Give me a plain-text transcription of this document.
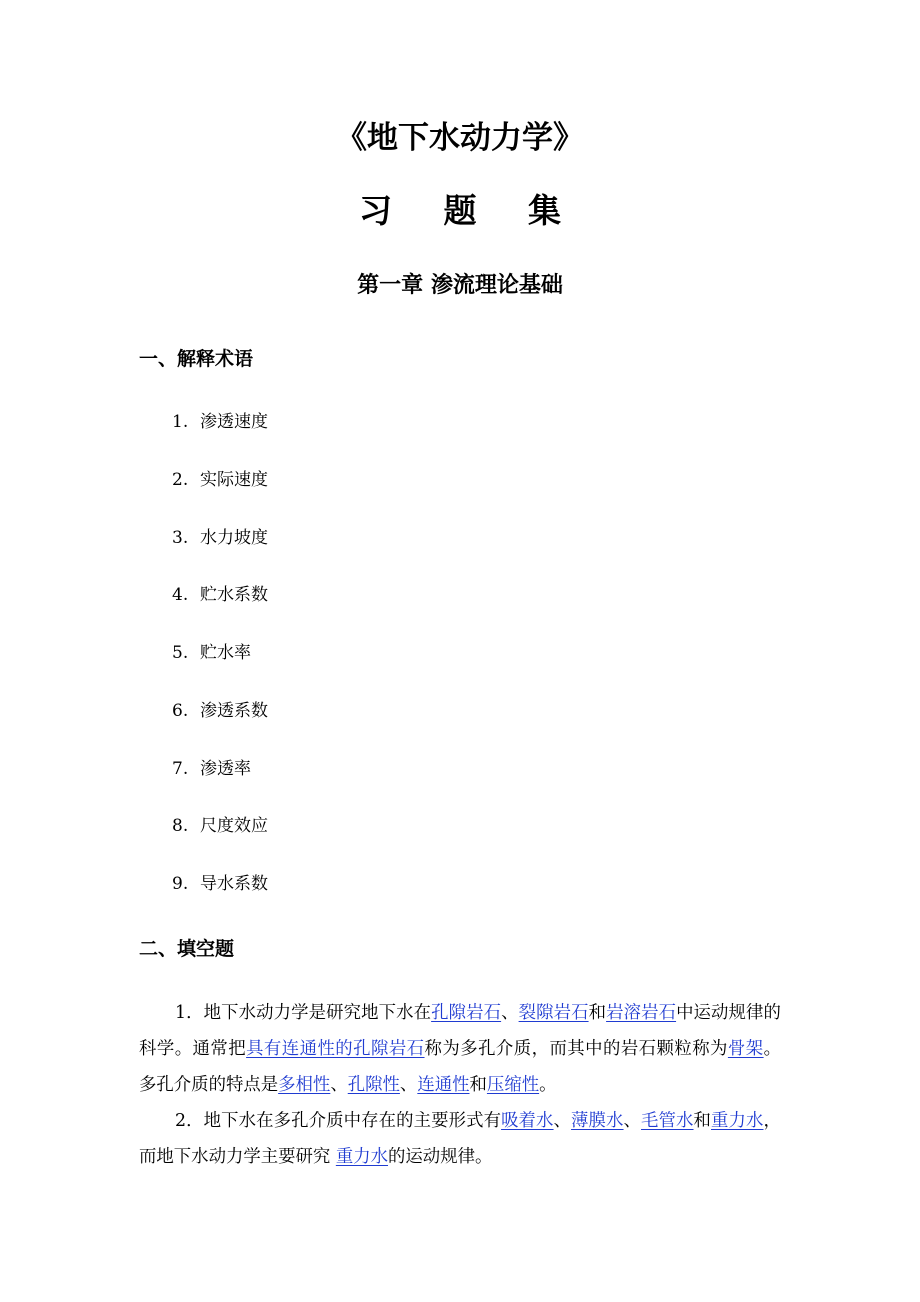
《地下水动力学》
习 题 集
第一章 渗流理论基础
一、解释术语
1. 渗透速度
2. 实际速度
3. 水力坡度
4. 贮水系数
5. 贮水率
6. 渗透系数
7. 渗透率
8. 尺度效应
9. 导水系数
二、填空题

1．地下水动力学是研究地下水在孔隙岩石、裂隙岩石和岩溶岩石中运动规律的科学。通常把具有连通性的孔隙岩石称为多孔介质，而其中的岩石颗粒称为骨架。多孔介质的特点是多相性、孔隙性、连通性和压缩性。

2．地下水在多孔介质中存在的主要形式有吸着水、薄膜水、毛管水和重力水，而地下水动力学主要研究 重力水的运动规律。
